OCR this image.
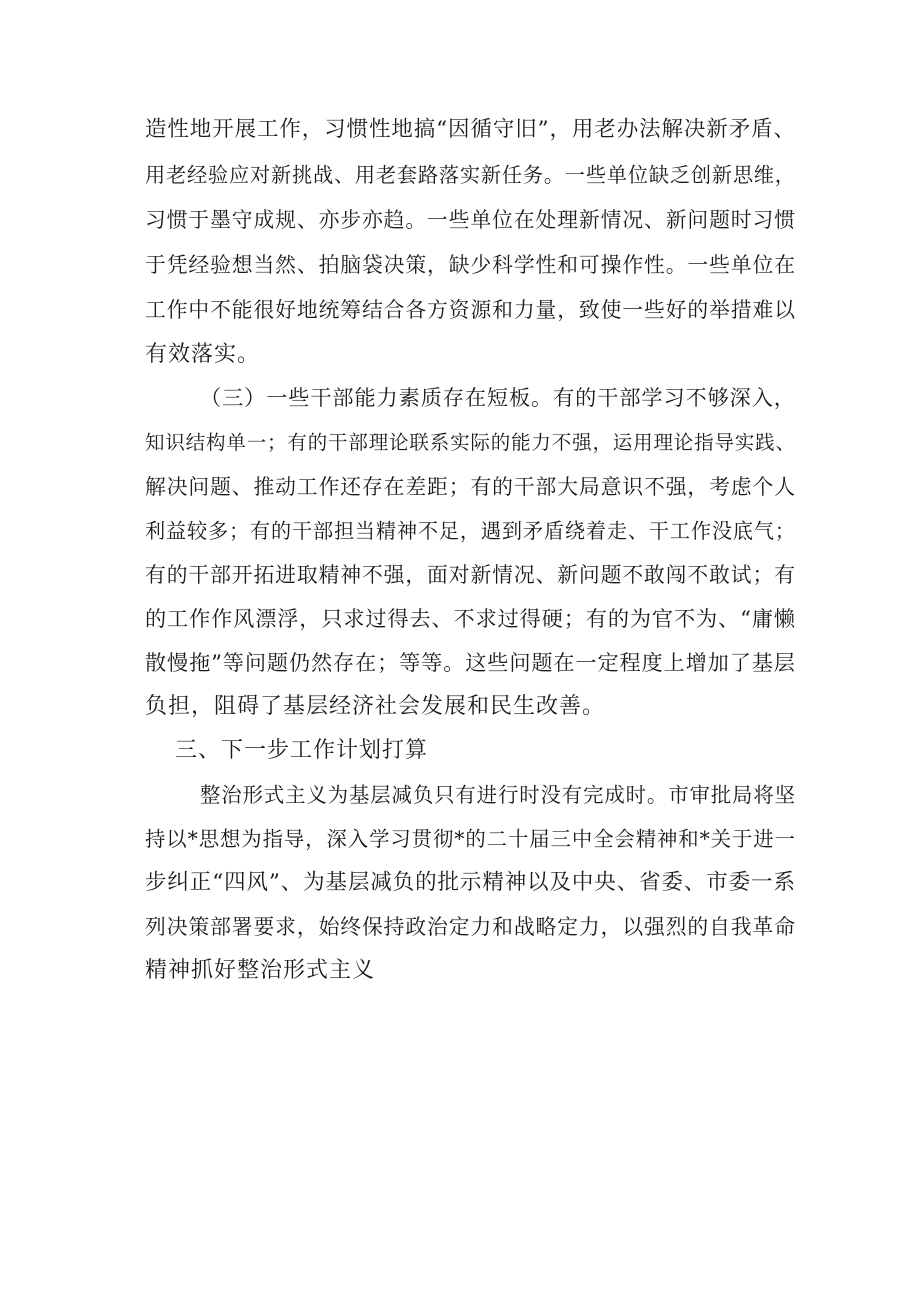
造性地开展工作，习惯性地搞“因循守旧”，用老办法解决新矛盾、
用老经验应对新挑战、用老套路落实新任务。一些单位缺乏创新思维，
习惯于墨守成规、亦步亦趋。一些单位在处理新情况、新问题时习惯
于凭经验想当然、拍脑袋决策，缺少科学性和可操作性。一些单位在
工作中不能很好地统筹结合各方资源和力量，致使一些好的举措难以
有效落实。
（三）一些干部能力素质存在短板。有的干部学习不够深入，
知识结构单一；有的干部理论联系实际的能力不强，运用理论指导实践、
解决问题、推动工作还存在差距；有的干部大局意识不强，考虑个人
利益较多；有的干部担当精神不足，遇到矛盾绕着走、干工作没底气；
有的干部开拓进取精神不强，面对新情况、新问题不敢闯不敢试；有
的工作作风漂浮，只求过得去、不求过得硬；有的为官不为、“庸懒
散慢拖”等问题仍然存在；等等。这些问题在一定程度上增加了基层
负担，阻碍了基层经济社会发展和民生改善。
三、下一步工作计划打算
整治形式主义为基层减负只有进行时没有完成时。市审批局将坚
持以*思想为指导，深入学习贯彻*的二十届三中全会精神和*关于进一
步纠正“四风”、为基层减负的批示精神以及中央、省委、市委一系
列决策部署要求，始终保持政治定力和战略定力，以强烈的自我革命
精神抓好整治形式主义
